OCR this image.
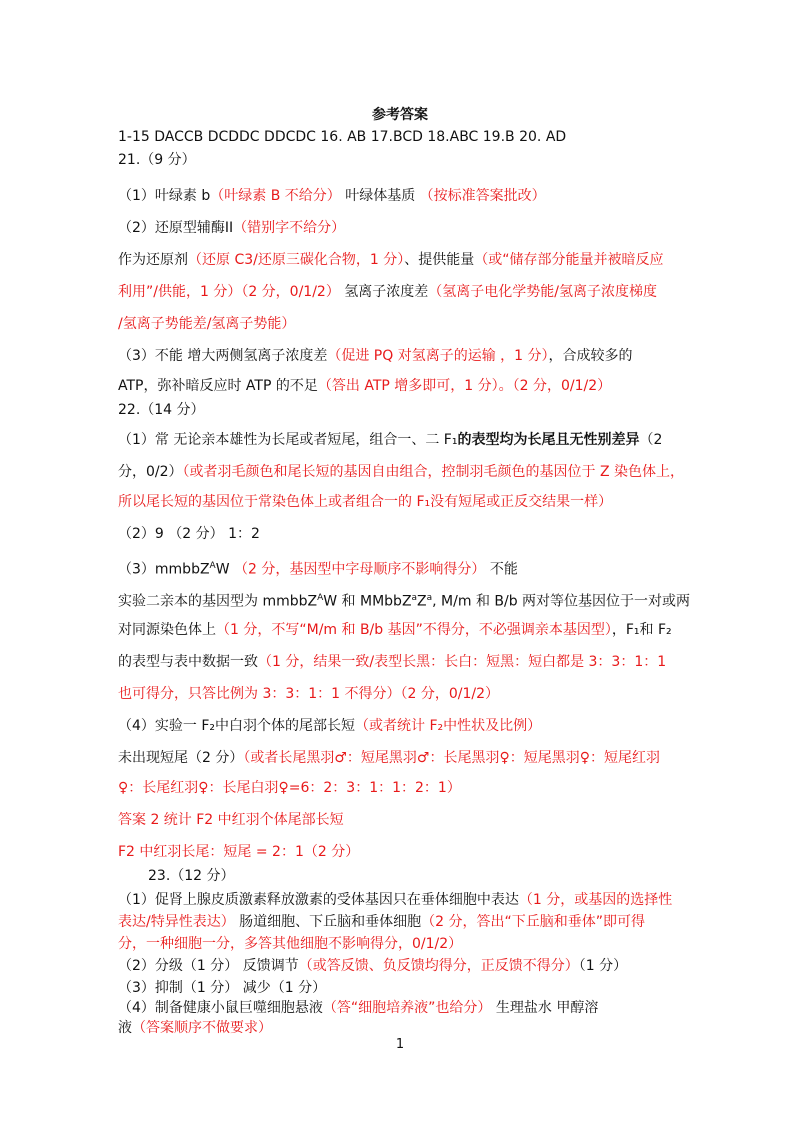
参考答案
1-15 DACCB DCDDC DDCDC 16. AB 17.BCD 18.ABC 19.B 20. AD
21.（9 分）
（1）叶绿素 b（叶绿素 B 不给分） 叶绿体基质 （按标准答案批改）
（2）还原型辅酶II（错别字不给分）
作为还原剂（还原 C3/还原三碳化合物，1 分）、提供能量（或“储存部分能量并被暗反应
利用”/供能，1 分）（2 分，0/1/2） 氢离子浓度差（氢离子电化学势能/氢离子浓度梯度
/氢离子势能差/氢离子势能）
（3）不能 增大两侧氢离子浓度差（促进 PQ 对氢离子的运输 ，1 分），合成较多的
ATP，弥补暗反应时 ATP 的不足（答出 ATP 增多即可，1 分）。（2 分，0/1/2）
22.（14 分）
（1）常 无论亲本雄性为长尾或者短尾，组合一、二 F₁的表型均为长尾且无性别差异（2
分，0/2）（或者羽毛颜色和尾长短的基因自由组合，控制羽毛颜色的基因位于 Z 染色体上，
所以尾长短的基因位于常染色体上或者组合一的 F₁没有短尾或正反交结果一样）
（2）9 （2 分） 1：2
（3）mmbbZ$^A$W （2 分，基因型中字母顺序不影响得分） 不能
实验二亲本的基因型为 mmbbZ$^A$W 和 $MMbbZ^aZ^a$, M/m 和 B/b 两对等位基因位于一对或两
对同源染色体上（1 分，不写“M/m 和 B/b 基因”不得分，不必强调亲本基因型），F₁和 F₂
的表型与表中数据一致（1 分，结果一致/表型长黑：长白：短黑：短白都是 3：3：1：1
也可得分，只答比例为 3：3：1：1 不得分）（2 分，0/1/2）
（4）实验一 F₂中白羽个体的尾部长短（或者统计 F₂中性状及比例）
未出现短尾（2 分）（或者长尾黑羽♂：短尾黑羽♂：长尾黑羽♀：短尾黑羽♀：短尾红羽
♀：长尾红羽♀：长尾白羽♀=6：2：3：1：1：2：1）
答案 2 统计 F2 中红羽个体尾部长短
F2 中红羽长尾：短尾 = 2：1（2 分）
23.（12 分）
（1）促肾上腺皮质激素释放激素的受体基因只在垂体细胞中表达（1 分，或基因的选择性
表达/特异性表达） 肠道细胞、下丘脑和垂体细胞（2 分，答出“下丘脑和垂体”即可得
分，一种细胞一分，多答其他细胞不影响得分，0/1/2）
（2）分级（1 分） 反馈调节（或答反馈、负反馈均得分，正反馈不得分）（1 分）
（3）抑制（1 分） 减少（1 分）
（4）制备健康小鼠巨噬细胞悬液（答“细胞培养液”也给分） 生理盐水 甲醇溶
液（答案顺序不做要求）
1
